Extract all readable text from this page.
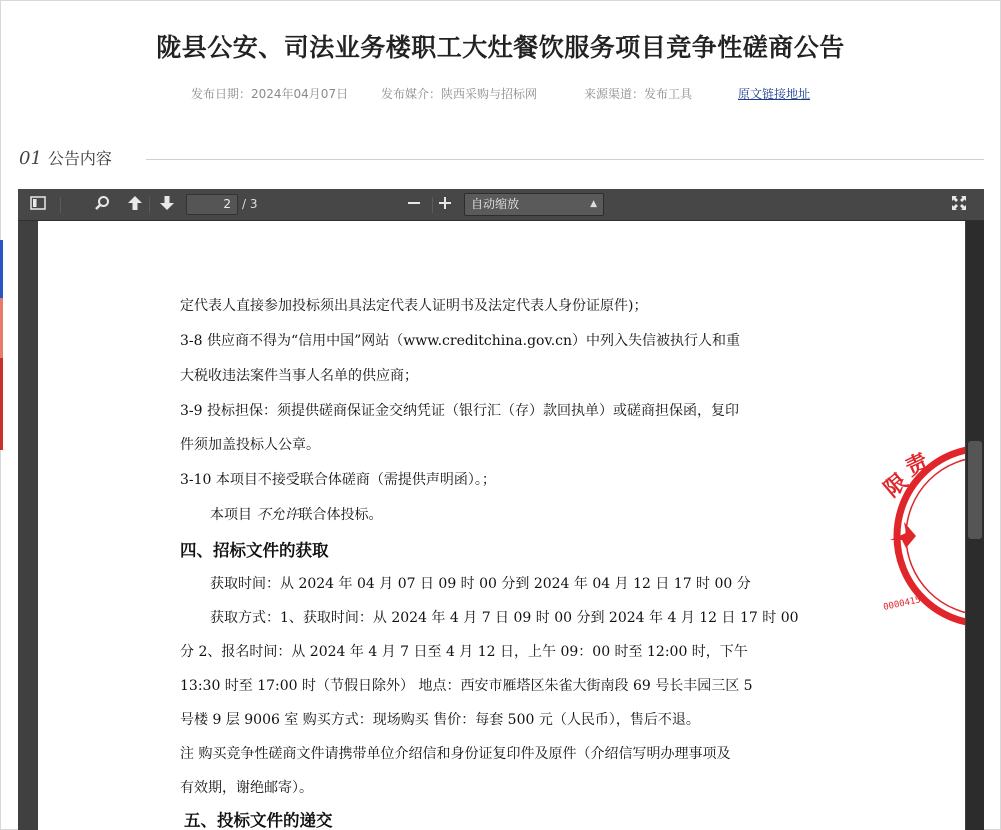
陇县公安、司法业务楼职工大灶餐饮服务项目竞争性磋商公告
发布日期：2024年04月07日	发布媒介：陕西采购与招标网	来源渠道：发布工具	原文链接地址
01 公告内容
2 / 3	自动缩放	▲

定代表人直接参加投标须出具法定代表人证明书及法定代表人身份证原件)；
3-8 供应商不得为“信用中国”网站（www.creditchina.gov.cn）中列入失信被执行人和重
大税收违法案件当事人名单的供应商；
3-9 投标担保：须提供磋商保证金交纳凭证（银行汇（存）款回执单）或磋商担保函，复印
件须加盖投标人公章。
3-10 本项目不接受联合体磋商（需提供声明函）。；
本项目 不允许联合体投标。
四、招标文件的获取
获取时间：从 2024 年 04 月 07 日 09 时 00 分到 2024 年 04 月 12 日 17 时 00 分
获取方式：1、获取时间：从 2024 年 4 月 7 日 09 时 00 分到 2024 年 4 月 12 日 17 时 00
分 2、报名时间：从 2024 年 4 月 7 日至 4 月 12 日，上午 09：00 时至 12:00 时，下午
13:30 时至 17:00 时（节假日除外） 地点：西安市雁塔区朱雀大街南段 69 号长丰园三区 5
号楼 9 层 9006 室 购买方式：现场购买 售价：每套 500 元（人民币），售后不退。
注 购买竞争性磋商文件请携带单位介绍信和身份证复印件及原件（介绍信写明办理事项及
有效期，谢绝邮寄）。
五、投标文件的递交
限
责
00004157
